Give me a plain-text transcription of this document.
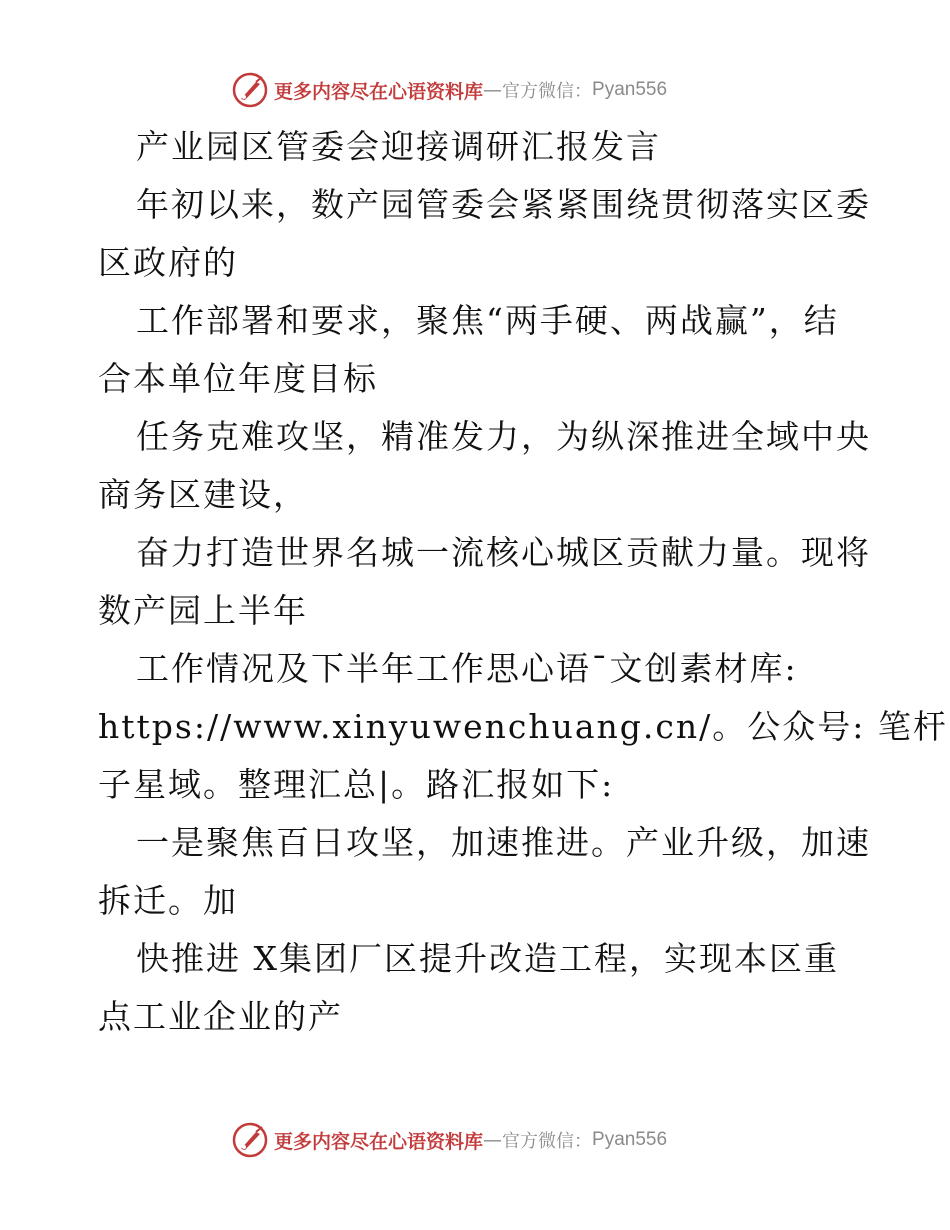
更多内容尽在心语资料库 — 官方微信： Pyan556
产业园区管委会迎接调研汇报发言
年初以来，数产园管委会紧紧围绕贯彻落实区委
区政府的
工作部署和要求，聚焦“两手硬、两战赢”，结
合本单位年度目标
任务克难攻坚，精准发力，为纵深推进全域中央
商务区建设，
奋力打造世界名城一流核心城区贡献力量。现将
数产园上半年
工作情况及下半年工作思心语¯文创素材库:
https://www.xinyuwenchuang.cn/。公众号: 笔杆
子星域。整理汇总|。路汇报如下:
一是聚焦百日攻坚，加速推进。产业升级，加速
拆迁。加
快推进 X集团厂区提升改造工程，实现本区重
点工业企业的产
更多内容尽在心语资料库 — 官方微信： Pyan556
